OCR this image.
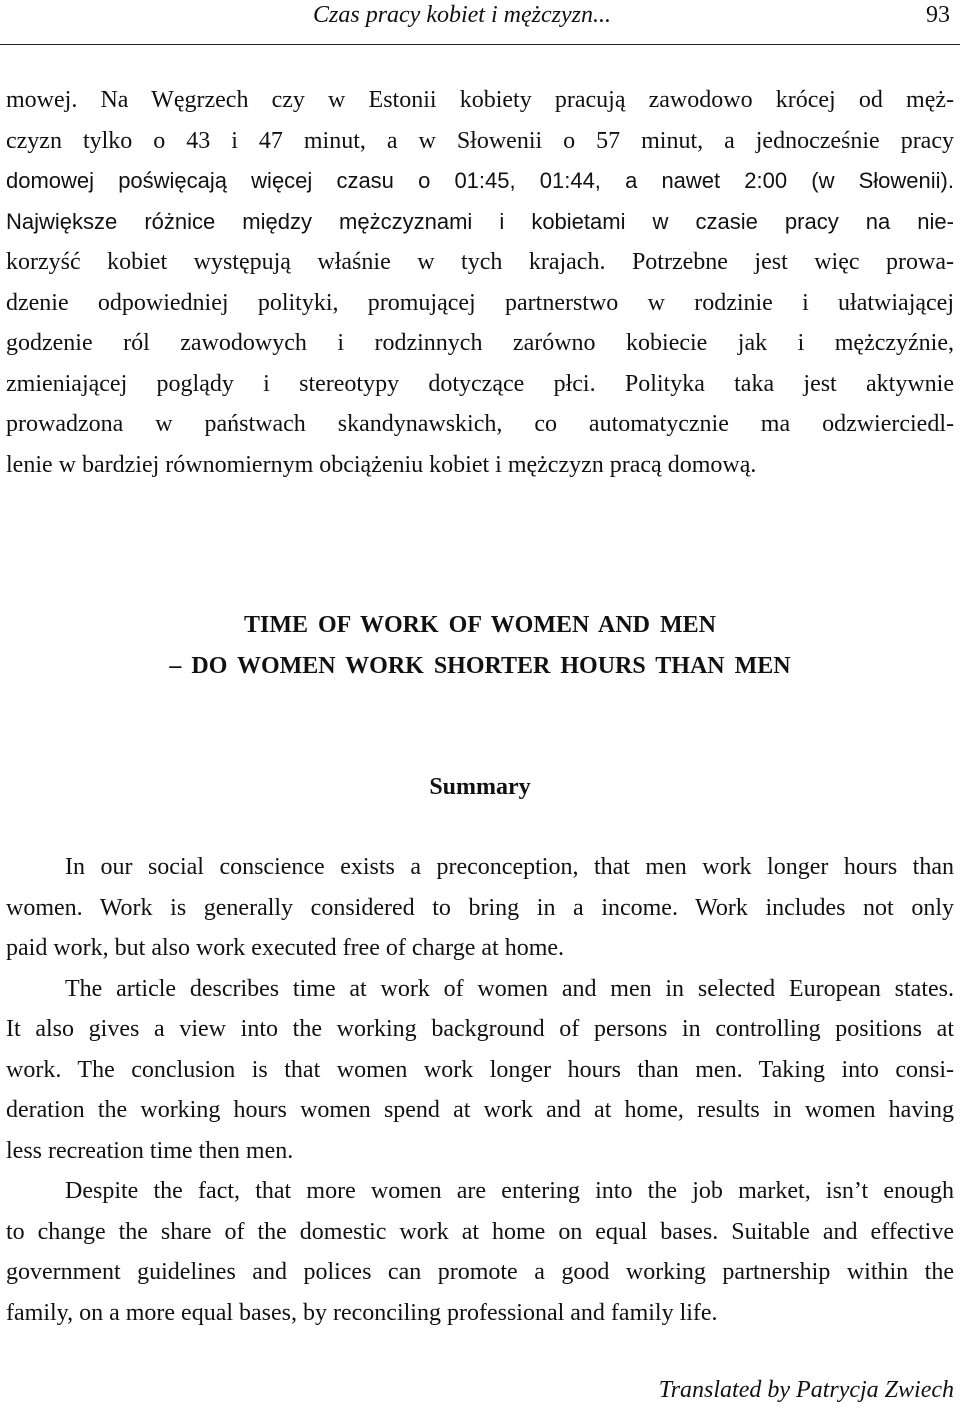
Czas pracy kobiet i mężczyzn...	93
mowej. Na Węgrzech czy w Estonii kobiety pracują zawodowo krócej od męż-
czyzn tylko o 43 i 47 minut, a w Słowenii o 57 minut, a jednocześnie pracy
domowej poświęcają więcej czasu o 01:45, 01:44, a nawet 2:00 (w Słowenii).
Największe różnice między mężczyznami i kobietami w czasie pracy na nie-
korzyść kobiet występują właśnie w tych krajach. Potrzebne jest więc prowa-
dzenie odpowiedniej polityki, promującej partnerstwo w rodzinie i ułatwiającej
godzenie ról zawodowych i rodzinnych zarówno kobiecie jak i mężczyźnie,
zmieniającej poglądy i stereotypy dotyczące płci. Polityka taka jest aktywnie
prowadzona w państwach skandynawskich, co automatycznie ma odzwierciedl-
lenie w bardziej równomiernym obciążeniu kobiet i mężczyzn pracą domową.
TIME OF WORK OF WOMEN AND MEN
– DO WOMEN WORK SHORTER HOURS THAN MEN
Summary
In our social conscience exists a preconception, that men work longer hours than
women. Work is generally considered to bring in a income. Work includes not only
paid work, but also work executed free of charge at home.
The article describes time at work of women and men in selected European states.
It also gives a view into the working background of persons in controlling positions at
work. The conclusion is that women work longer hours than men. Taking into consi-
deration the working hours women spend at work and at home, results in women having
less recreation time then men.
Despite the fact, that more women are entering into the job market, isn’t enough
to change the share of the domestic work at home on equal bases. Suitable and effective
government guidelines and polices can promote a good working partnership within the
family, on a more equal bases, by reconciling professional and family life.
Translated by Patrycja Zwiech
